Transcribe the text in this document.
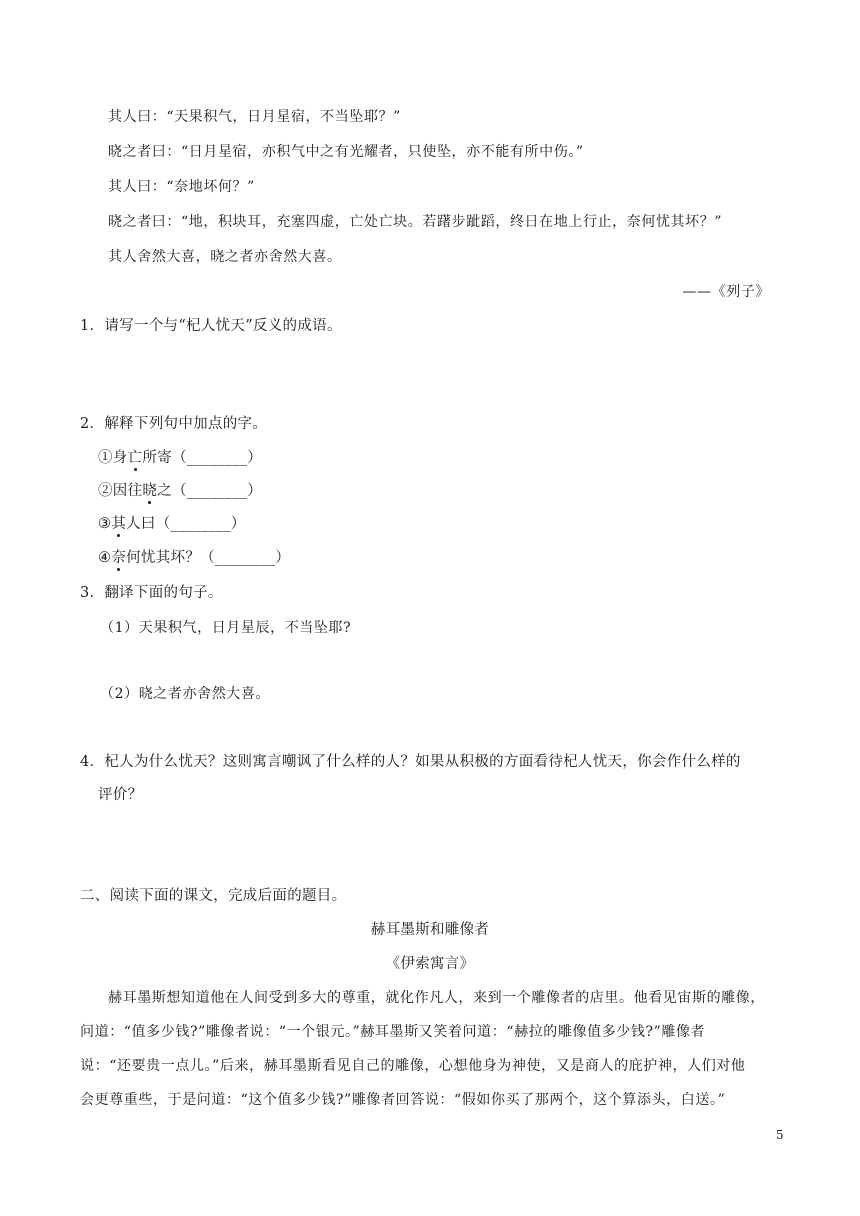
其人曰：“天果积气，日月星宿，不当坠耶？”
晓之者曰：“日月星宿，亦积气中之有光耀者，只使坠，亦不能有所中伤。”
其人曰：“奈地坏何？”
晓之者曰：“地，积块耳，充塞四虚，亡处亡块。若躇步跐蹈，终日在地上行止，奈何忧其坏？”
其人舍然大喜，晓之者亦舍然大喜。
——《列子》
1．请写一个与“杞人忧天”反义的成语。
2．解释下列句中加点的字。
①身亡所寄（________）
②因往晓之（________）
③其人曰（________）
④奈何忧其坏？（________）
3．翻译下面的句子。
（1）天果积气，日月星辰，不当坠耶?
（2）晓之者亦舍然大喜。
4．杞人为什么忧天？这则寓言嘲讽了什么样的人？如果从积极的方面看待杞人忧天，你会作什么样的
评价？
二、阅读下面的课文，完成后面的题目。
赫耳墨斯和雕像者
《伊索寓言》
赫耳墨斯想知道他在人间受到多大的尊重，就化作凡人，来到一个雕像者的店里。他看见宙斯的雕像，
问道：“值多少钱?”雕像者说：“一个银元。”赫耳墨斯又笑着问道：“赫拉的雕像值多少钱?”雕像者
说：“还要贵一点儿。”后来，赫耳墨斯看见自己的雕像，心想他身为神使，又是商人的庇护神，人们对他
会更尊重些，于是问道：“这个值多少钱?”雕像者回答说：“假如你买了那两个，这个算添头，白送。”
5
